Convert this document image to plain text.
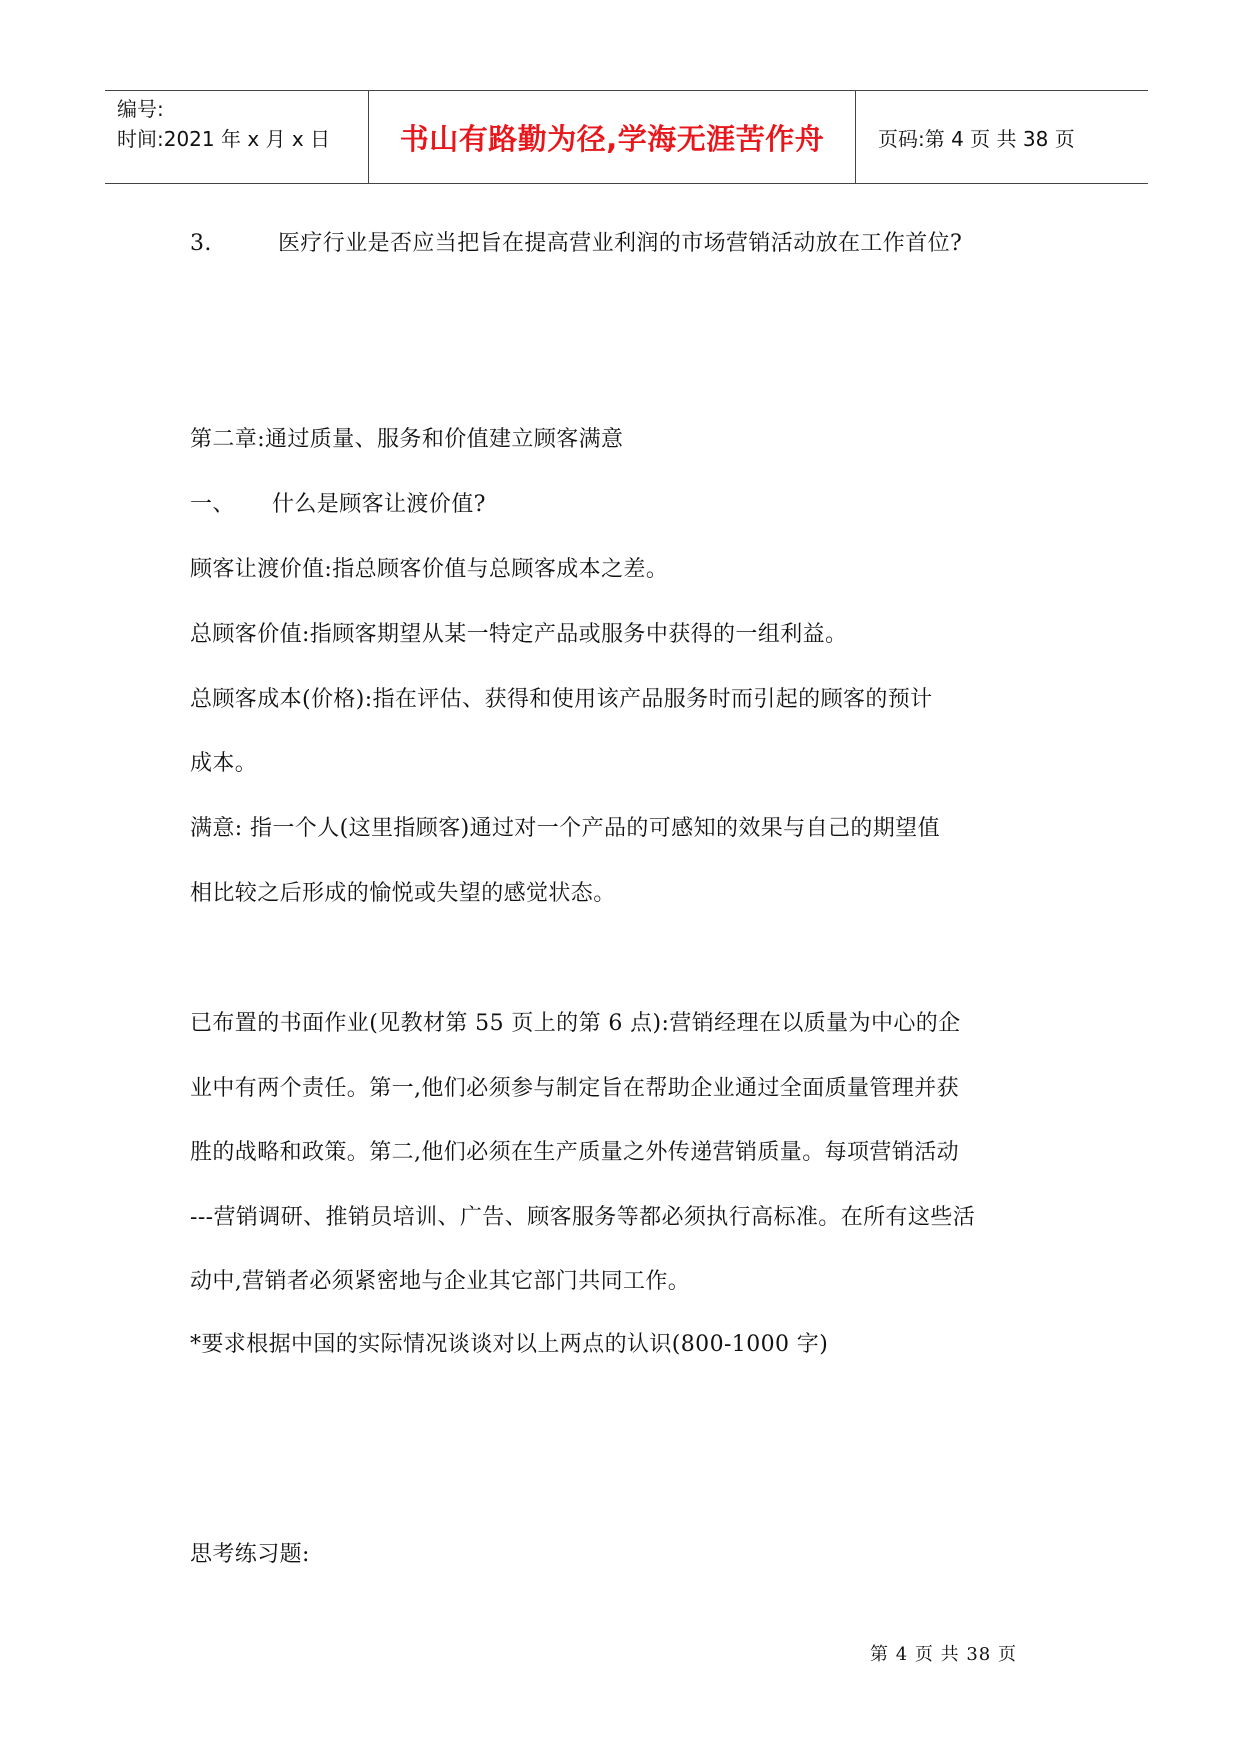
编号:
时间:2021 年 x 月 x 日 书山有路勤为径,学海无涯苦作舟	页码:第 4 页 共 38 页
3.	医疗行业是否应当把旨在提高营业利润的市场营销活动放在工作首位?
第二章:通过质量、服务和价值建立顾客满意
一、 什么是顾客让渡价值?
顾客让渡价值:指总顾客价值与总顾客成本之差。
总顾客价值:指顾客期望从某一特定产品或服务中获得的一组利益。
总顾客成本(价格):指在评估、获得和使用该产品服务时而引起的顾客的预计
成本。
满意: 指一个人(这里指顾客)通过对一个产品的可感知的效果与自己的期望值
相比较之后形成的愉悦或失望的感觉状态。
已布置的书面作业(见教材第 55 页上的第 6 点):营销经理在以质量为中心的企
业中有两个责任。第一,他们必须参与制定旨在帮助企业通过全面质量管理并获
胜的战略和政策。第二,他们必须在生产质量之外传递营销质量。每项营销活动
---营销调研、推销员培训、广告、顾客服务等都必须执行高标准。在所有这些活
动中,营销者必须紧密地与企业其它部门共同工作。
*要求根据中国的实际情况谈谈对以上两点的认识(800-1000 字)
思考练习题:
第 4 页 共 38 页
